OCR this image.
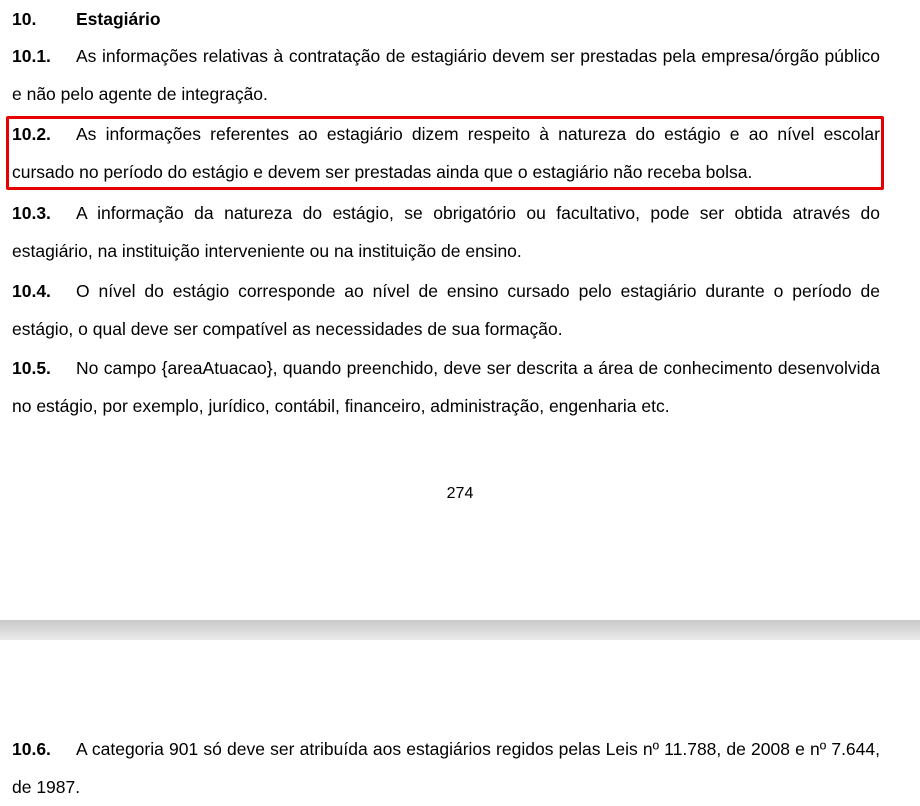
10. Estagiário
10.1. As informações relativas à contratação de estagiário devem ser prestadas pela empresa/órgão público e não pelo agente de integração.
10.2. As informações referentes ao estagiário dizem respeito à natureza do estágio e ao nível escolar cursado no período do estágio e devem ser prestadas ainda que o estagiário não receba bolsa.
10.3. A informação da natureza do estágio, se obrigatório ou facultativo, pode ser obtida através do estagiário, na instituição interveniente ou na instituição de ensino.
10.4. O nível do estágio corresponde ao nível de ensino cursado pelo estagiário durante o período de estágio, o qual deve ser compatível as necessidades de sua formação.
10.5. No campo {areaAtuacao}, quando preenchido, deve ser descrita a área de conhecimento desenvolvida no estágio, por exemplo, jurídico, contábil, financeiro, administração, engenharia etc.
274
10.6. A categoria 901 só deve ser atribuída aos estagiários regidos pelas Leis nº 11.788, de 2008 e nº 7.644, de 1987.
